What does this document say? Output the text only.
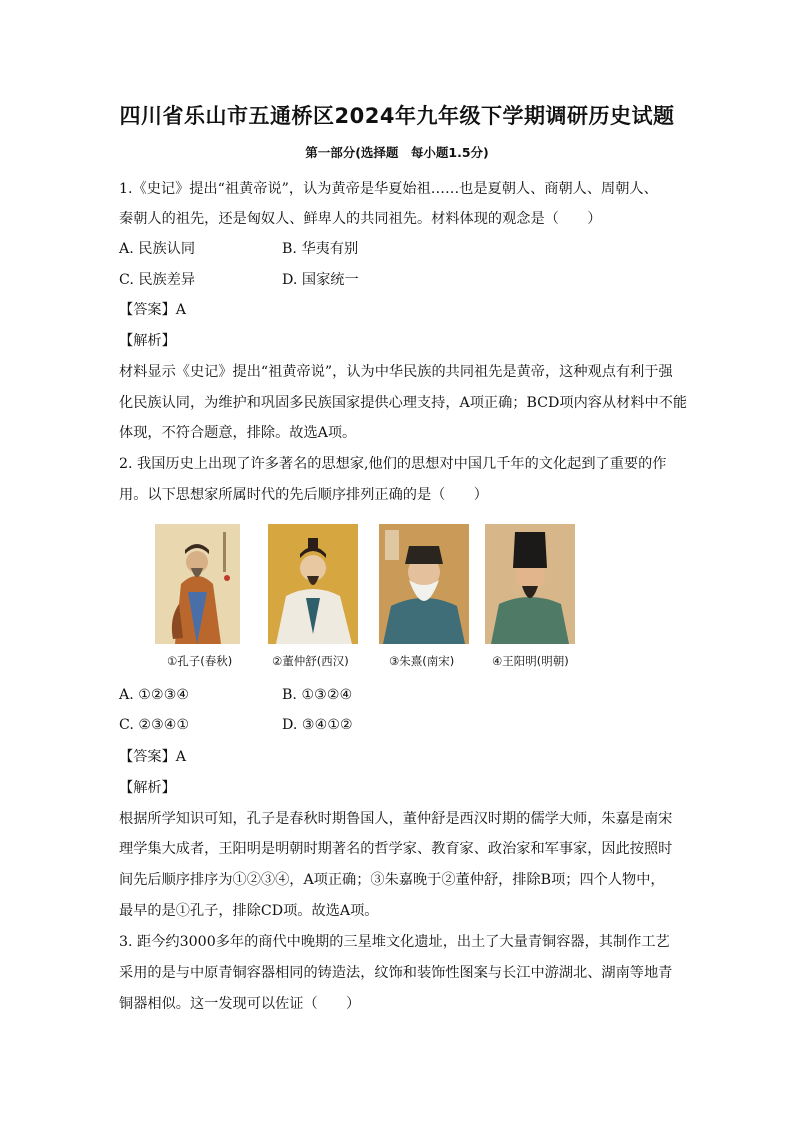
四川省乐山市五通桥区2024年九年级下学期调研历史试题
第一部分(选择题　每小题1.5分)
1.《史记》提出“祖黄帝说”，认为黄帝是华夏始祖……也是夏朝人、商朝人、周朝人、
秦朝人的祖先，还是匈奴人、鲜卑人的共同祖先。材料体现的观念是（　　）
A. 民族认同	B. 华夷有别
C. 民族差异	D. 国家统一
【答案】A
【解析】
材料显示《史记》提出“祖黄帝说”，认为中华民族的共同祖先是黄帝，这种观点有利于强
化民族认同，为维护和巩固多民族国家提供心理支持，A项正确；BCD项内容从材料中不能
体现，不符合题意，排除。故选A项。
2. 我国历史上出现了许多著名的思想家,他们的思想对中国几千年的文化起到了重要的作
用。以下思想家所属时代的先后顺序排列正确的是（　　）
①孔子(春秋)	②董仲舒(西汉)	③朱熹(南宋)	④王阳明(明朝)
A. ①②③④	B. ①③②④
C. ②③④①	D. ③④①②
【答案】A
【解析】
根据所学知识可知，孔子是春秋时期鲁国人，董仲舒是西汉时期的儒学大师，朱嘉是南宋
理学集大成者，王阳明是明朝时期著名的哲学家、教育家、政治家和军事家，因此按照时
间先后顺序排序为①②③④，A项正确；③朱嘉晚于②董仲舒，排除B项；四个人物中，
最早的是①孔子，排除CD项。故选A项。
3. 距今约3000多年的商代中晚期的三星堆文化遗址，出土了大量青铜容器，其制作工艺
采用的是与中原青铜容器相同的铸造法，纹饰和装饰性图案与长江中游湖北、湖南等地青
铜器相似。这一发现可以佐证（　　）
